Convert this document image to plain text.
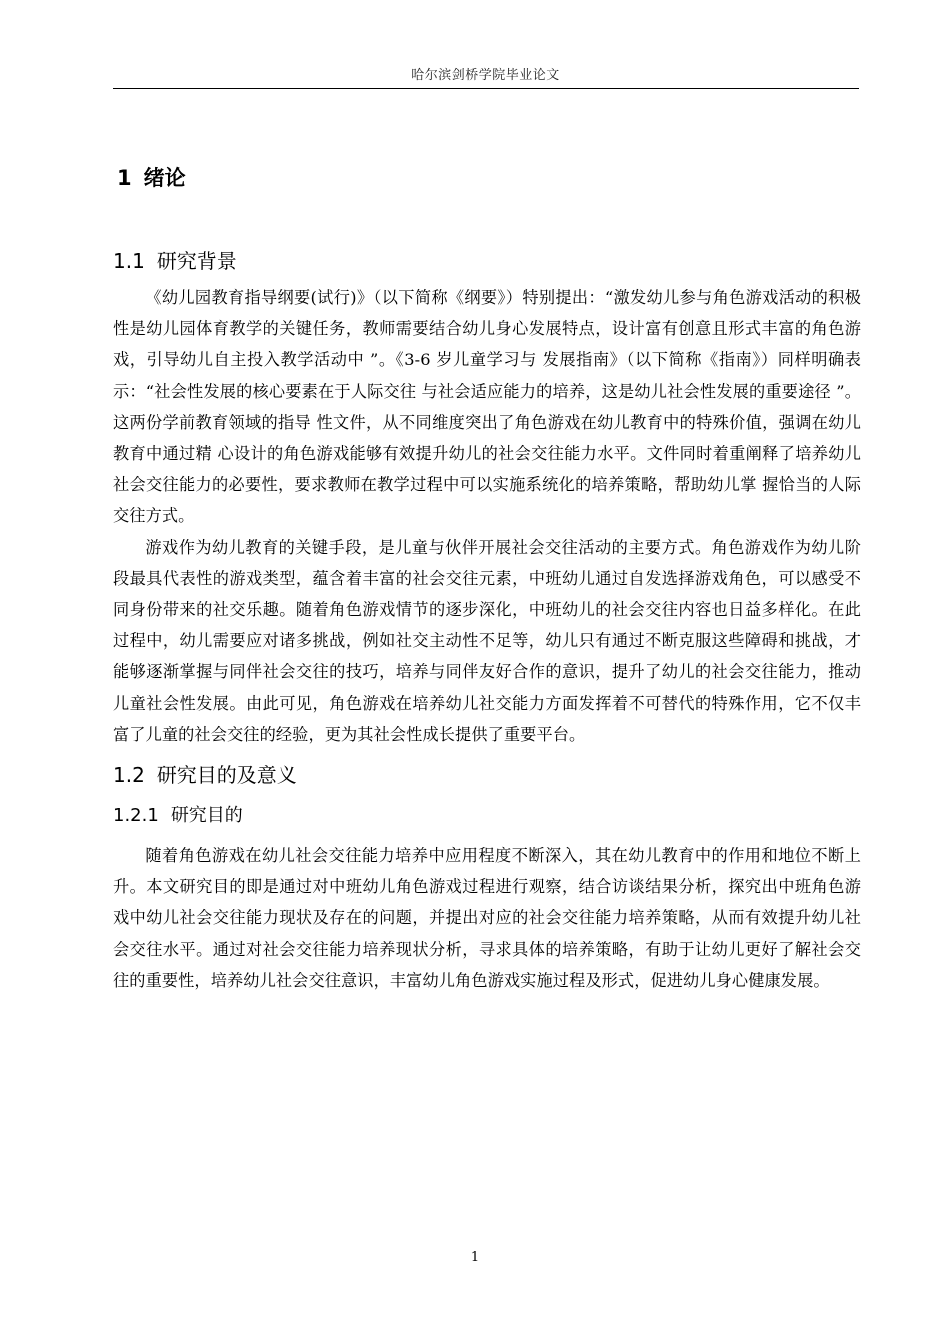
哈尔滨剑桥学院毕业论文
1 绪论
1.1 研究背景

《幼儿园教育指导纲要(试行)》（以下简称《纲要》）特别提出：“激发幼儿参与角色游戏活动的积极性是幼儿园体育教学的关键任务，教师需要结合幼儿身心发展特点，设计富有创意且形式丰富的角色游戏，引导幼儿自主投入教学活动中 ”。《3-6 岁儿童学习与 发展指南》（以下简称《指南》）同样明确表示：“社会性发展的核心要素在于人际交往 与社会适应能力的培养，这是幼儿社会性发展的重要途径 ”。这两份学前教育领域的指导 性文件，从不同维度突出了角色游戏在幼儿教育中的特殊价值，强调在幼儿教育中通过精 心设计的角色游戏能够有效提升幼儿的社会交往能力水平。文件同时着重阐释了培养幼儿 社会交往能力的必要性，要求教师在教学过程中可以实施系统化的培养策略，帮助幼儿掌 握恰当的人际交往方式。

游戏作为幼儿教育的关键手段，是儿童与伙伴开展社会交往活动的主要方式。角色游戏作为幼儿阶段最具代表性的游戏类型，蕴含着丰富的社会交往元素，中班幼儿通过自发选择游戏角色，可以感受不同身份带来的社交乐趣。随着角色游戏情节的逐步深化，中班幼儿的社会交往内容也日益多样化。在此过程中，幼儿需要应对诸多挑战，例如社交主动性不足等，幼儿只有通过不断克服这些障碍和挑战，才能够逐渐掌握与同伴社会交往的技巧，培养与同伴友好合作的意识，提升了幼儿的社会交往能力，推动儿童社会性发展。由此可见，角色游戏在培养幼儿社交能力方面发挥着不可替代的特殊作用，它不仅丰富了儿童的社会交往的经验，更为其社会性成长提供了重要平台。

1.2 研究目的及意义
1.2.1 研究目的

随着角色游戏在幼儿社会交往能力培养中应用程度不断深入，其在幼儿教育中的作用和地位不断上升。本文研究目的即是通过对中班幼儿角色游戏过程进行观察，结合访谈结果分析，探究出中班角色游戏中幼儿社会交往能力现状及存在的问题，并提出对应的社会交往能力培养策略，从而有效提升幼儿社会交往水平。通过对社会交往能力培养现状分析，寻求具体的培养策略，有助于让幼儿更好了解社会交往的重要性，培养幼儿社会交往意识，丰富幼儿角色游戏实施过程及形式，促进幼儿身心健康发展。

1
